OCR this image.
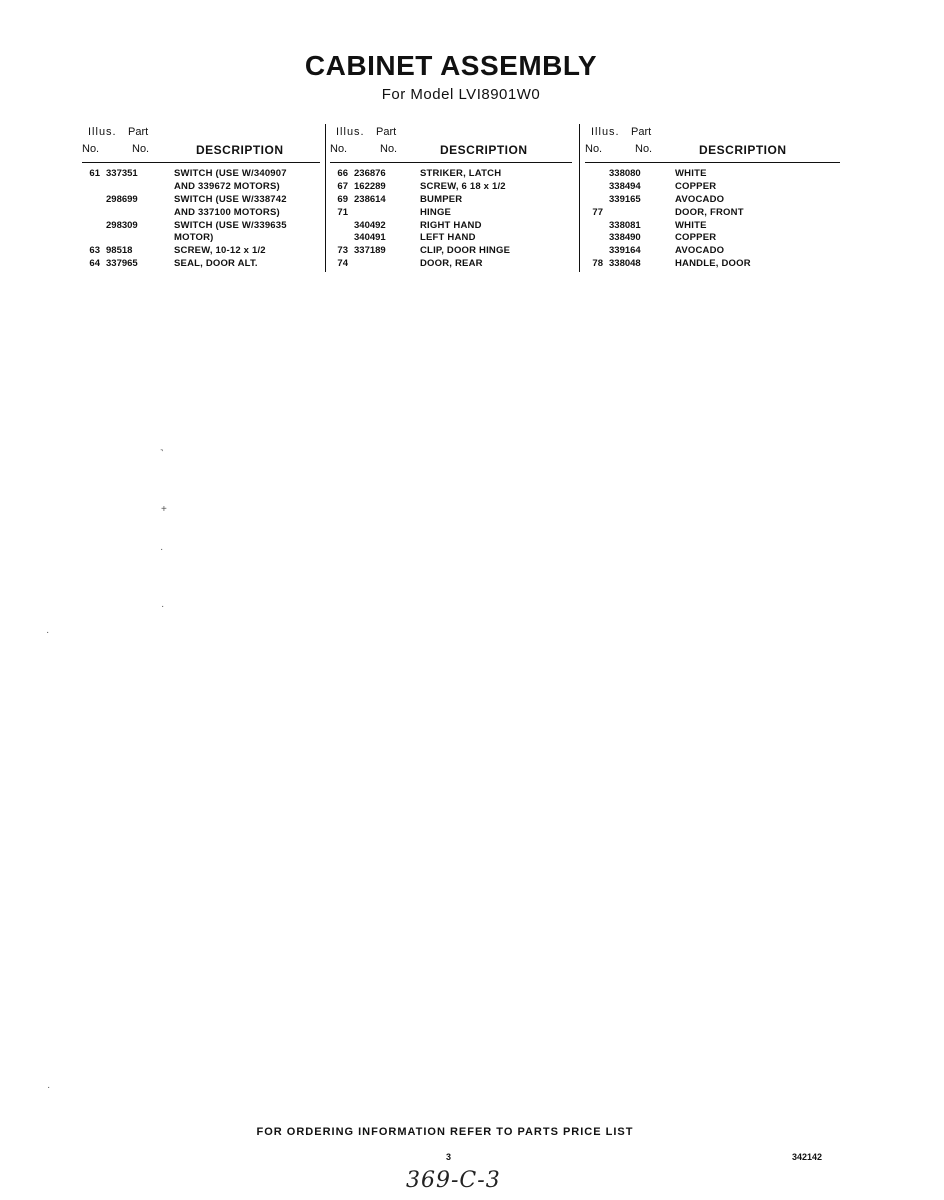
CABINET ASSEMBLY
For Model LVI8901W0
Illus. Part
No.	No.	DESCRIPTION
61 337351	SWITCH (USE W/340907
AND 339672 MOTORS)
298699	SWITCH (USE W/338742
AND 337100 MOTORS)
298309	SWITCH (USE W/339635
MOTOR)
63 98518	SCREW, 10-12 x 1/2
64 337965	SEAL, DOOR ALT.
Illus. Part
No.	No.	DESCRIPTION
66 236876	STRIKER, LATCH
67 162289	SCREW, 6 18 x 1/2
69 238614	BUMPER
71	HINGE
340492	RIGHT HAND
340491	LEFT HAND
73 337189	CLIP, DOOR HINGE
74	DOOR, REAR
Illus. Part
No.	No.	DESCRIPTION
338080	WHITE
338494	COPPER
339165	AVOCADO
77	DOOR, FRONT
338081	WHITE
338490	COPPER
339164	AVOCADO
78 338048	HANDLE, DOOR
˺
+
·
·
·
·
FOR ORDERING INFORMATION REFER TO PARTS PRICE LIST
3	342142
369-C-3
